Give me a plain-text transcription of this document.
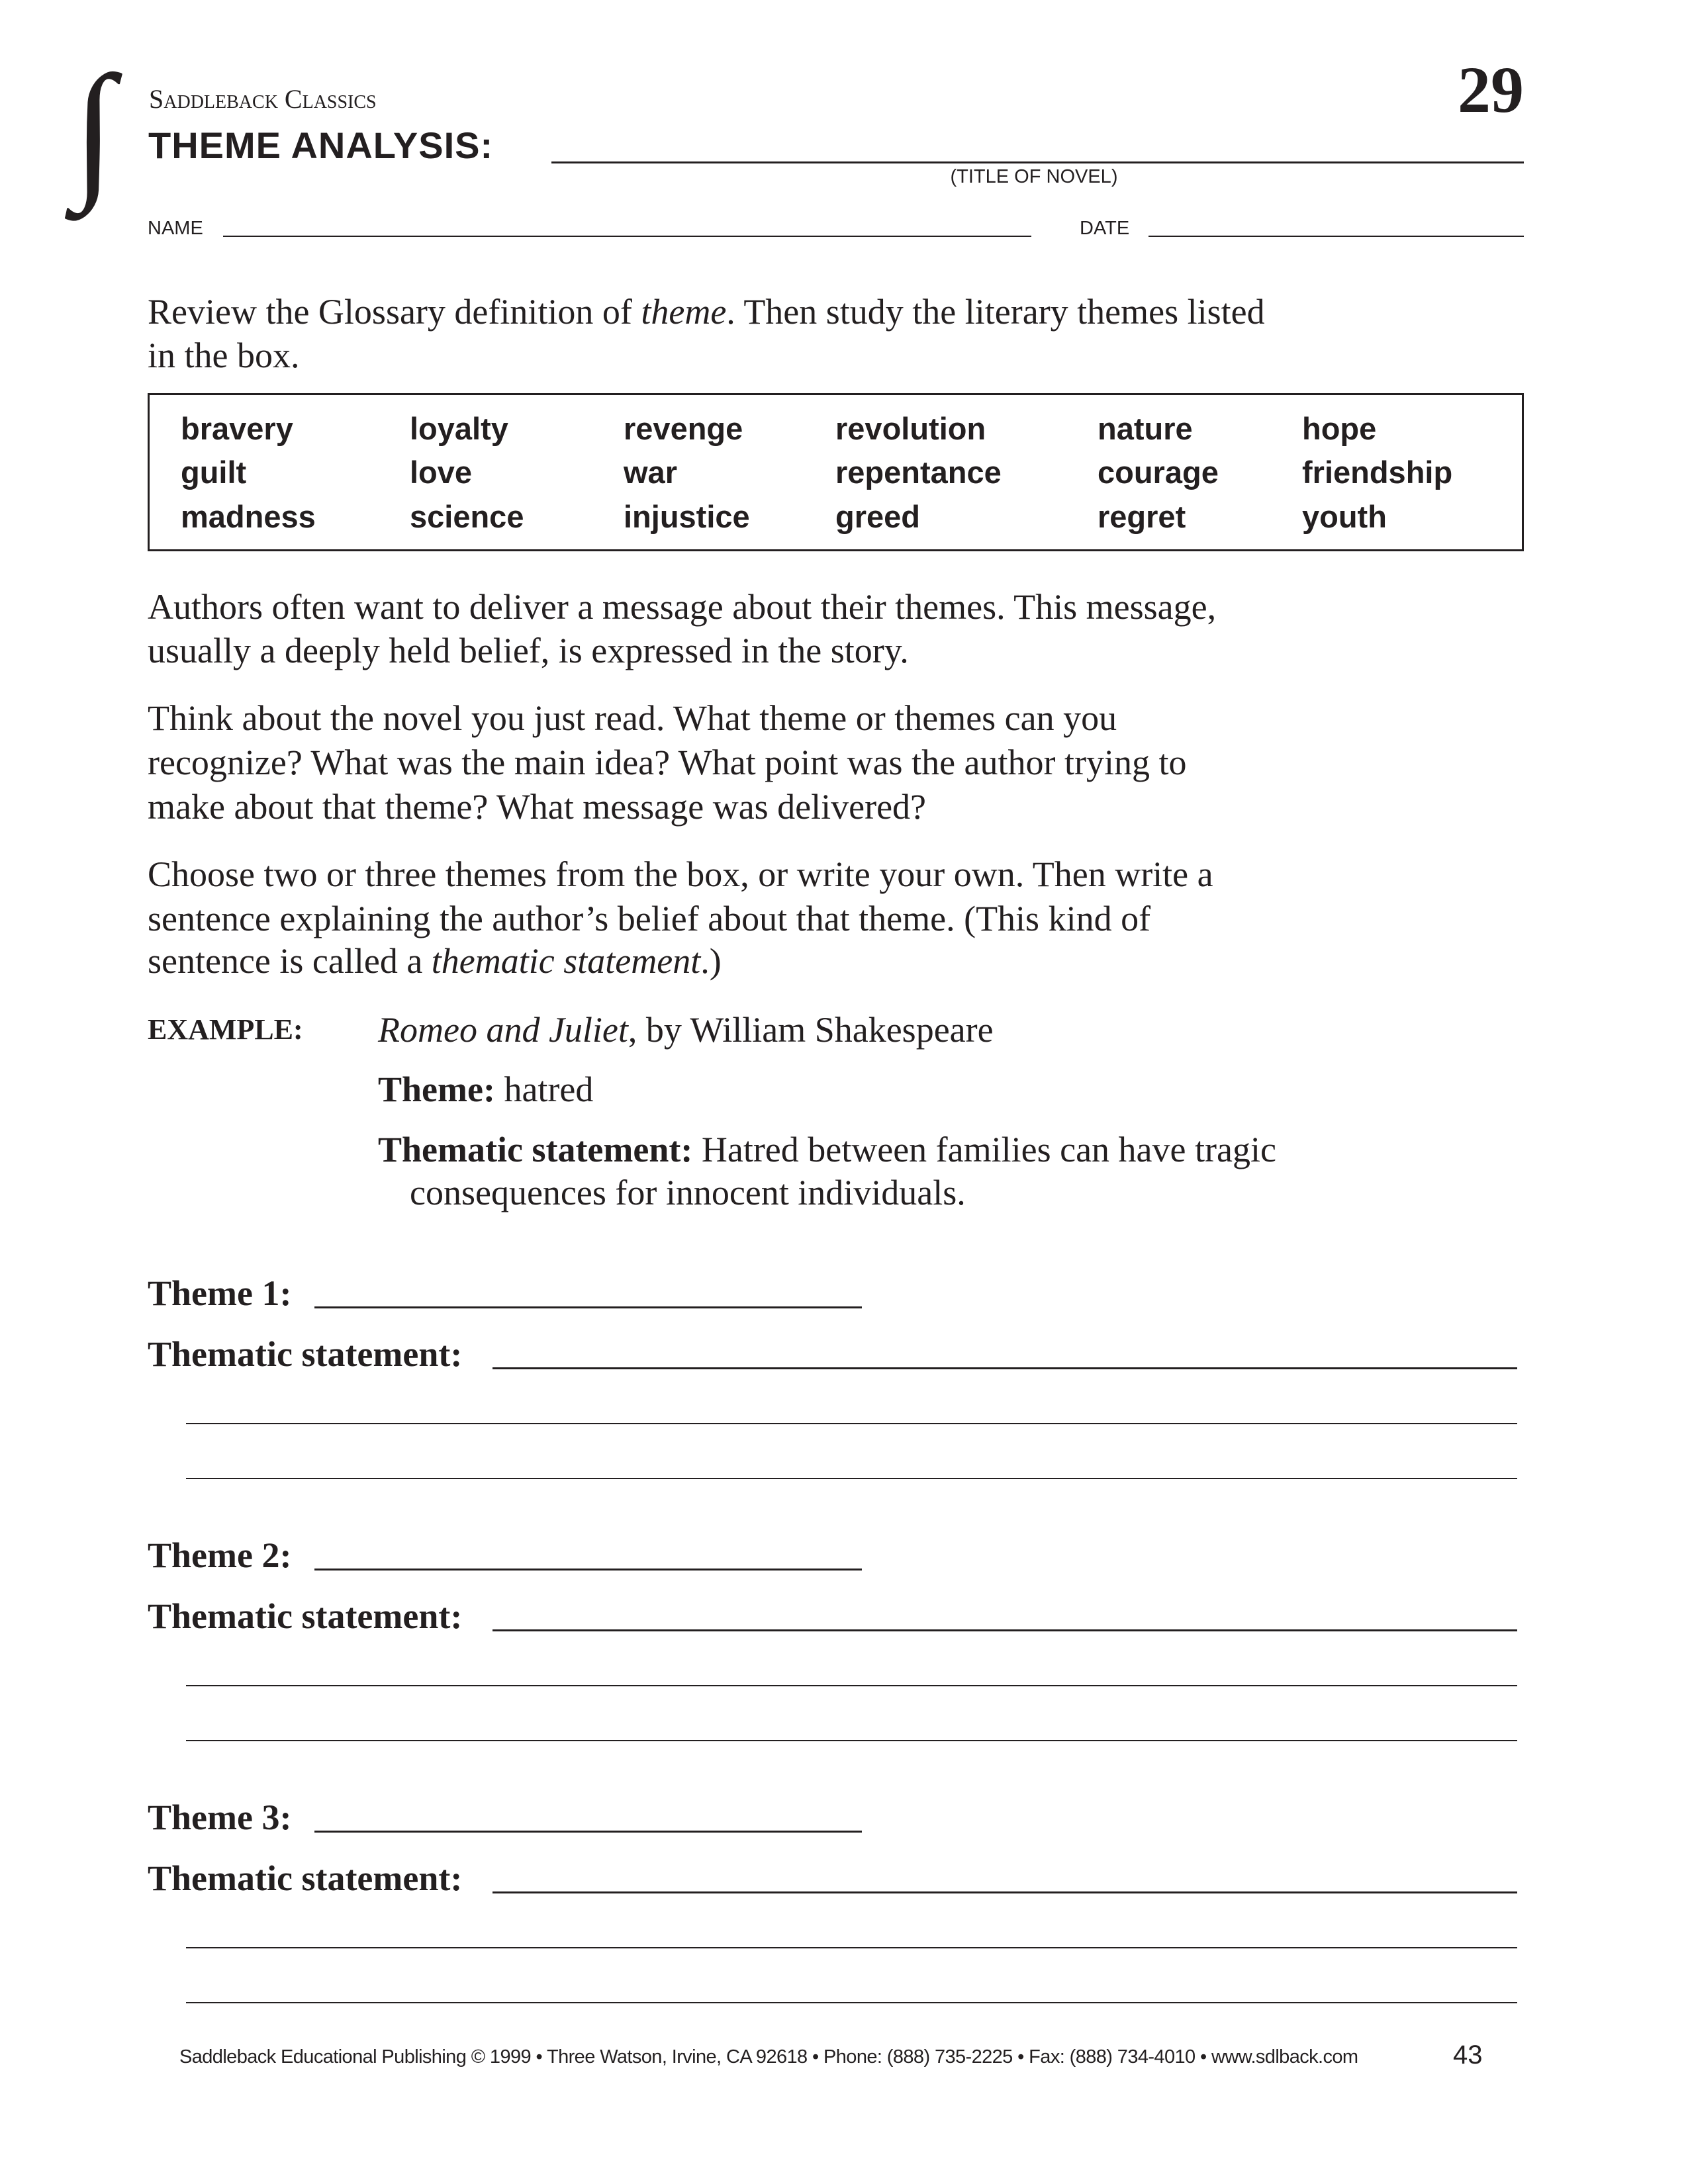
∫ Saddleback Classics
THEME ANALYSIS:
(TITLE OF NOVEL)
29
NAME	DATE
Review the Glossary definition of theme. Then study the literary themes listed
in the box.
bravery	loyalty	revenge	revolution	nature	hope
guilt	love	war	repentance	courage	friendship
madness	science	injustice	greed	regret	youth
Authors often want to deliver a message about their themes. This message,
usually a deeply held belief, is expressed in the story.
Think about the novel you just read. What theme or themes can you
recognize? What was the main idea? What point was the author trying to
make about that theme? What message was delivered?
Choose two or three themes from the box, or write your own. Then write a
sentence explaining the author’s belief about that theme. (This kind of
sentence is called a thematic statement.)
EXAMPLE: Romeo and Juliet, by William Shakespeare
Theme: hatred
Thematic statement: Hatred between families can have tragic
consequences for innocent individuals.
Theme 1:
Thematic statement:
Theme 2:
Thematic statement:
Theme 3:
Thematic statement:
Saddleback Educational Publishing © 1999 • Three Watson, Irvine, CA 92618 • Phone: (888) 735-2225 • Fax: (888) 734-4010 • www.sdlback.com	43
